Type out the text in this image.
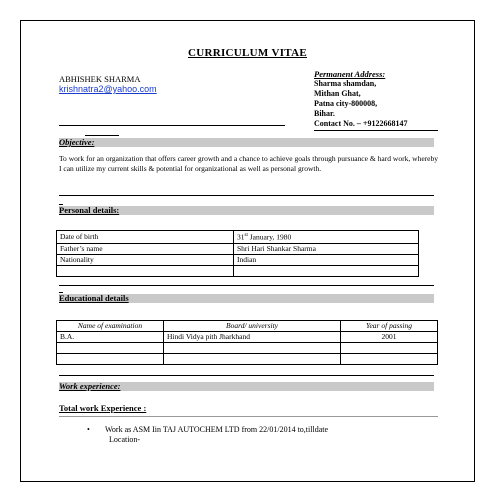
CURRICULUM VITAE
ABHISHEK SHARMA
krishnatra2@yahoo.com
Permanent Address:
Sharma shamdan,
Mithan Ghat,
Patna city-800008,
Bihar.
Contact No. – +9122668147
Objective:
To work for an organization that offers career growth and a chance to achieve goals through pursuance & hard work, whereby I can utilize my current skills & potential for organizational as well as personal growth.
Personal details:
Date of birth	31st January, 1980
Father’s name	Shri Hari Shankar Sharma
Nationality	Indian

Educational details
Name of examination	Board/ university	Year of passing
B.A.	Hindi Vidya pith Jharkhand	2001

Work experience:
Total work Experience :
• Work as ASM Iin TAJ AUTOCHEM LTD from 22/01/2014 to,tilldate
Location-
